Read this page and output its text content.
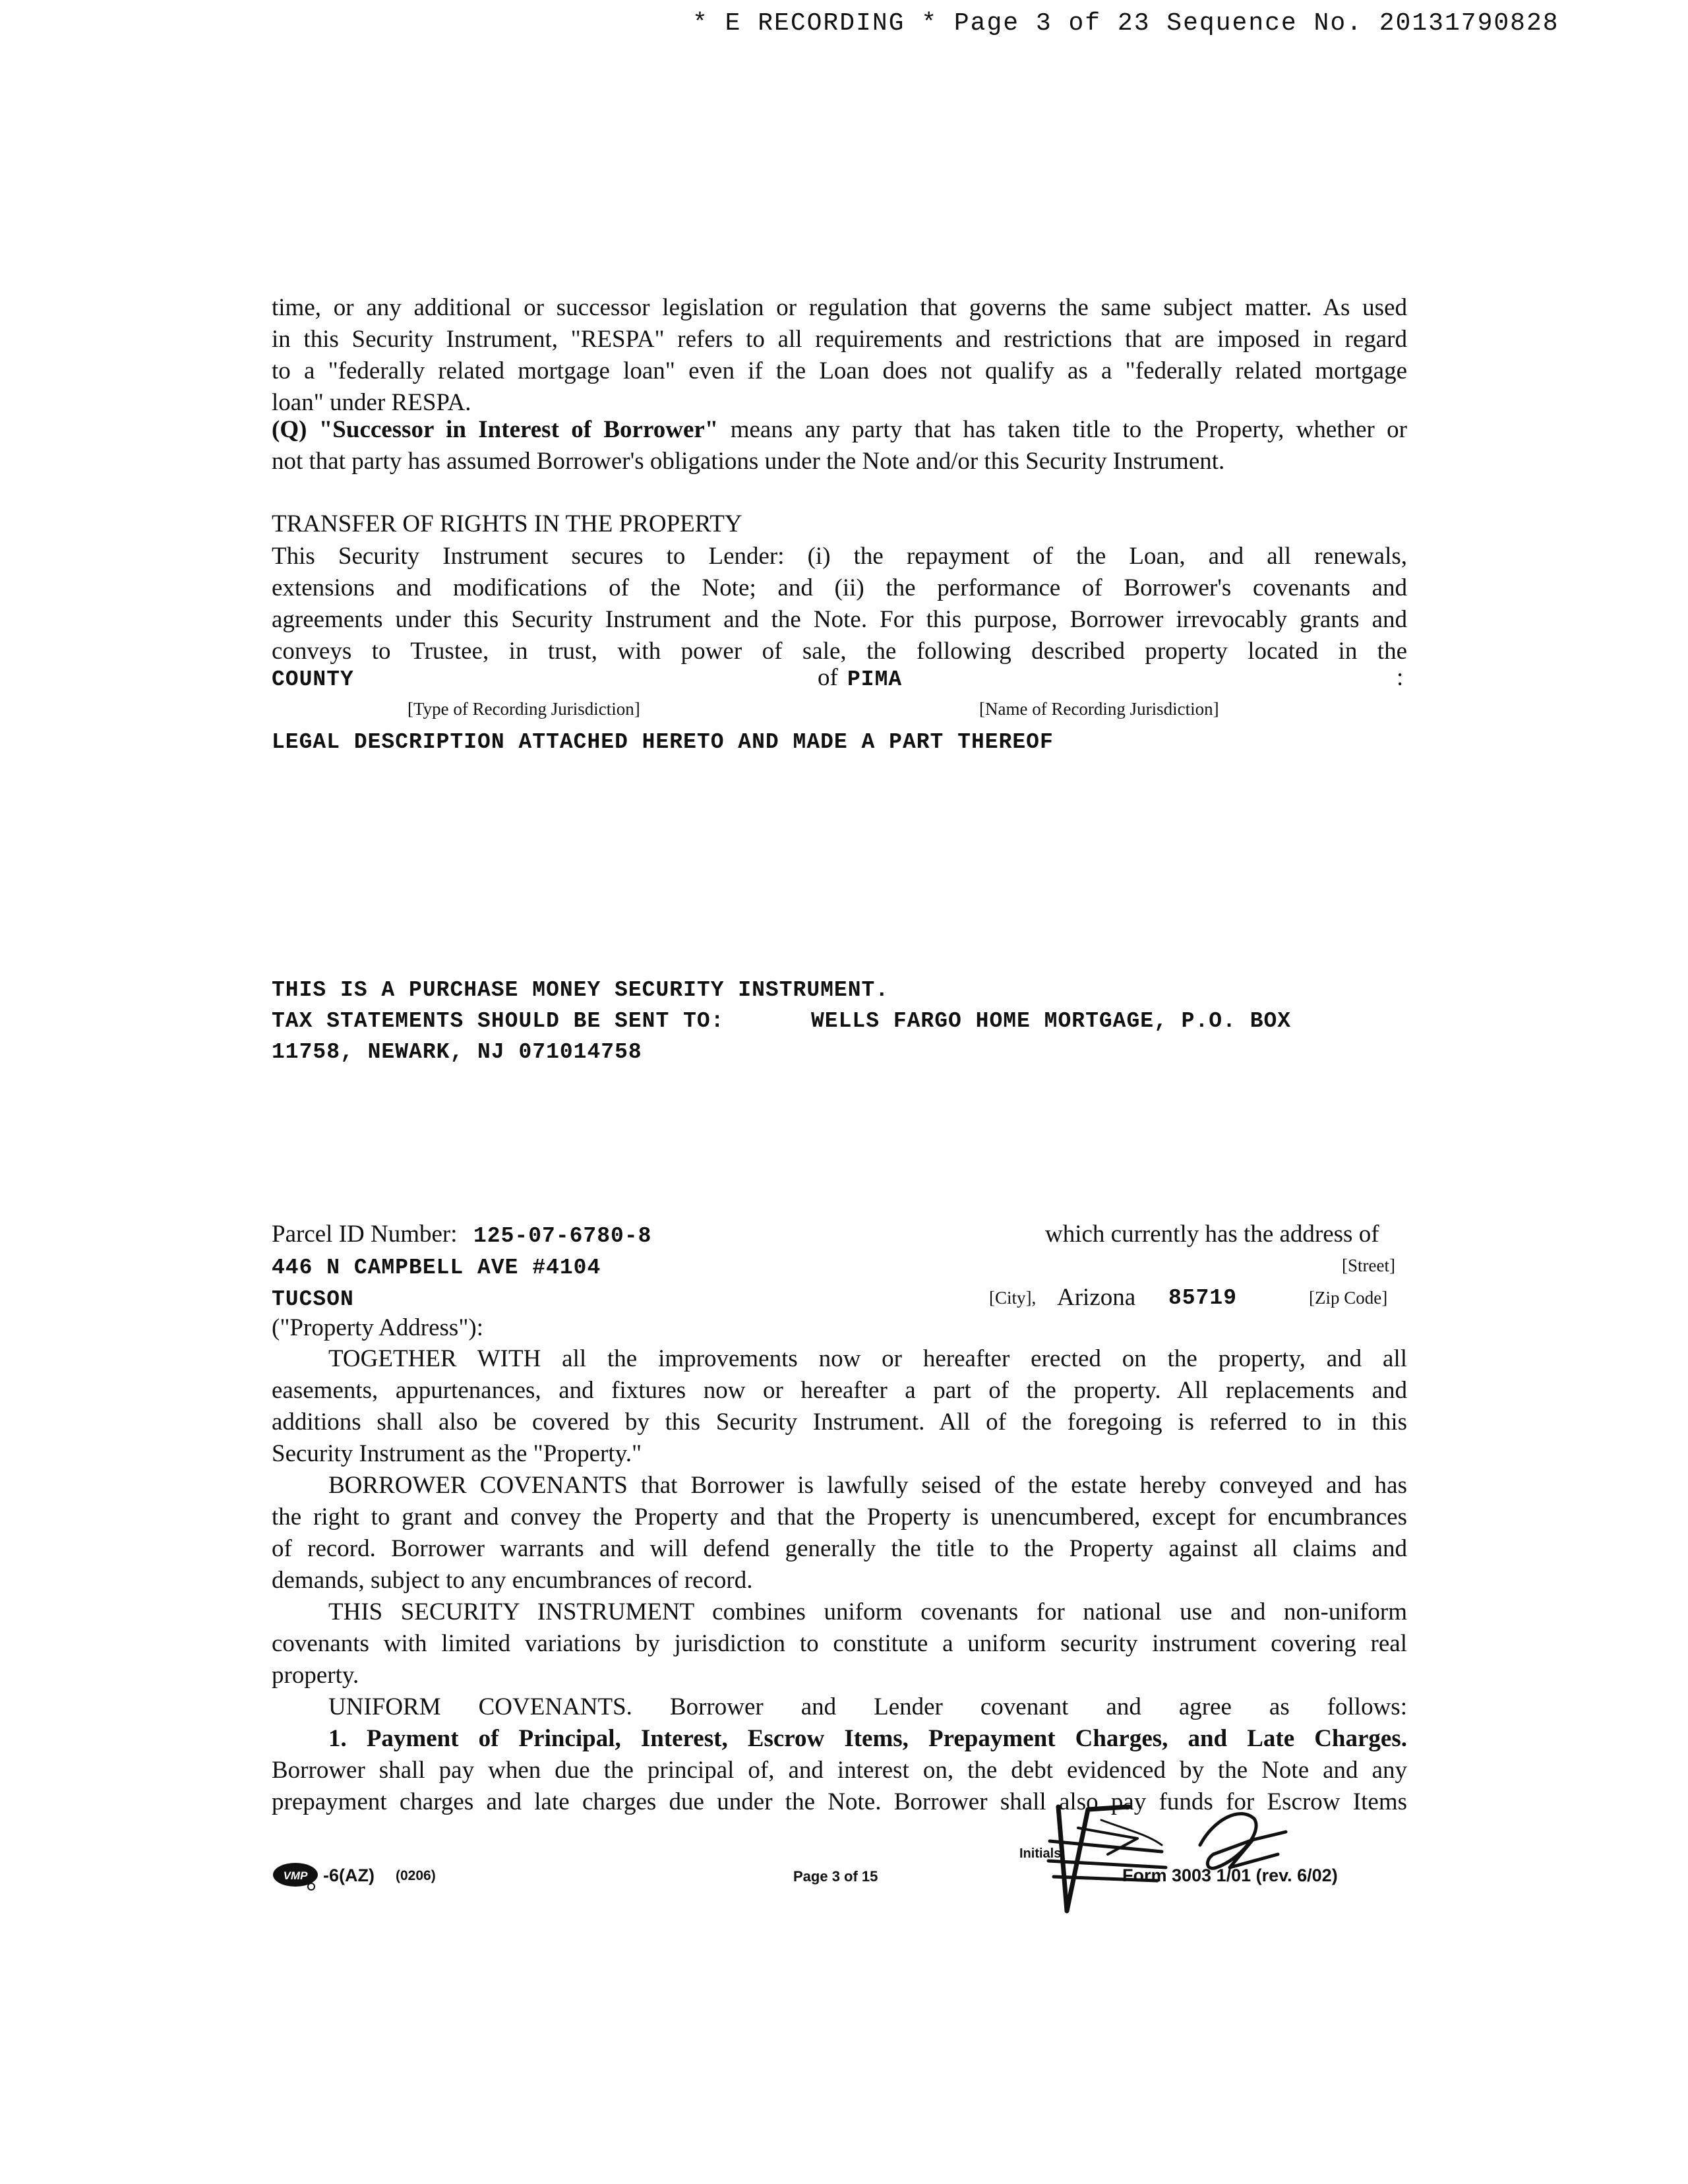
* E RECORDING * Page 3 of 23 Sequence No. 20131790828
time, or any additional or successor legislation or regulation that governs the same subject matter. As used
in this Security Instrument, "RESPA" refers to all requirements and restrictions that are imposed in regard
to a "federally related mortgage loan" even if the Loan does not qualify as a "federally related mortgage
loan" under RESPA.
(Q) "Successor in Interest of Borrower" means any party that has taken title to the Property, whether or
not that party has assumed Borrower's obligations under the Note and/or this Security Instrument.
TRANSFER OF RIGHTS IN THE PROPERTY
This Security Instrument secures to Lender: (i) the repayment of the Loan, and all renewals,
extensions and modifications of the Note; and (ii) the performance of Borrower's covenants and
agreements under this Security Instrument and the Note. For this purpose, Borrower irrevocably grants and
conveys to Trustee, in trust, with power of sale, the following described property located in the
COUNTY	of PIMA	:
[Type of Recording Jurisdiction]	[Name of Recording Jurisdiction]
LEGAL DESCRIPTION ATTACHED HERETO AND MADE A PART THEREOF
THIS IS A PURCHASE MONEY SECURITY INSTRUMENT.
TAX STATEMENTS SHOULD BE SENT TO:	WELLS FARGO HOME MORTGAGE, P.O. BOX
11758, NEWARK, NJ 071014758
Parcel ID Number: 125-07-6780-8	which currently has the address of
446 N CAMPBELL AVE #4104	[Street]
TUCSON	[City], Arizona 85719	[Zip Code]
("Property Address"):
TOGETHER WITH all the improvements now or hereafter erected on the property, and all
easements, appurtenances, and fixtures now or hereafter a part of the property. All replacements and
additions shall also be covered by this Security Instrument. All of the foregoing is referred to in this
Security Instrument as the "Property."
BORROWER COVENANTS that Borrower is lawfully seised of the estate hereby conveyed and has
the right to grant and convey the Property and that the Property is unencumbered, except for encumbrances
of record. Borrower warrants and will defend generally the title to the Property against all claims and
demands, subject to any encumbrances of record.
THIS SECURITY INSTRUMENT combines uniform covenants for national use and non-uniform
covenants with limited variations by jurisdiction to constitute a uniform security instrument covering real
property.
UNIFORM COVENANTS. Borrower and Lender covenant and agree as follows:
1. Payment of Principal, Interest, Escrow Items, Prepayment Charges, and Late Charges.
Borrower shall pay when due the principal of, and interest on, the debt evidenced by the Note and any
prepayment charges and late charges due under the Note. Borrower shall also pay funds for Escrow Items
VMP -6(AZ) (0206)	Page 3 of 15
Initials:
Form 3003 1/01 (rev. 6/02)
